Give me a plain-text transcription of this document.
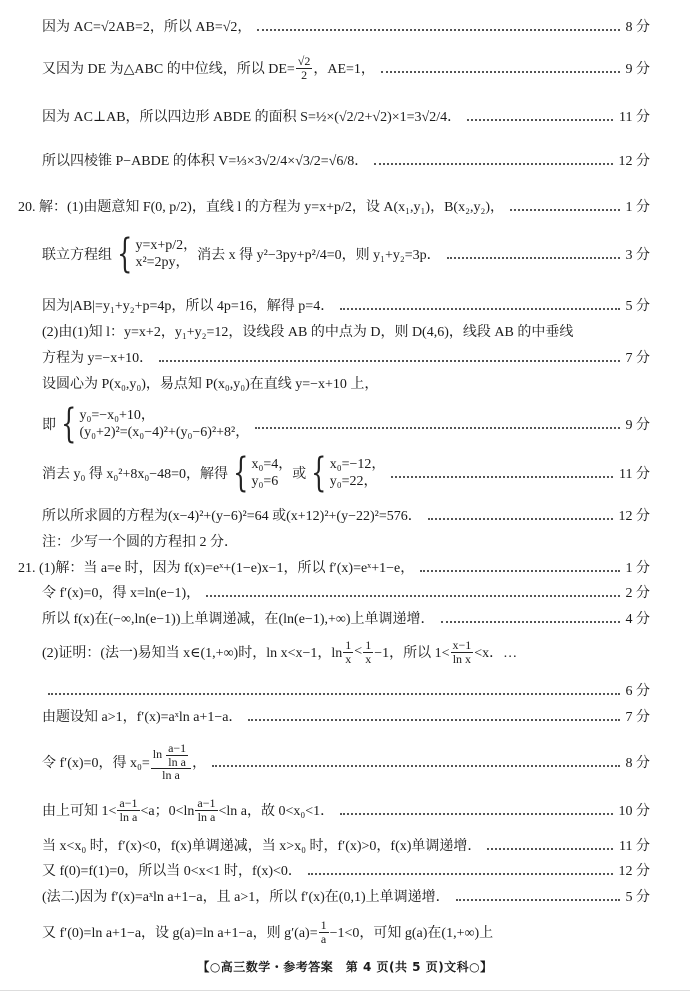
因为 AC=√2AB=2，所以 AB=√2，	8 分
又因为 DE 为△ABC 的中位线，所以 $DE= \frac{√2}{2}$ ，AE=1，	9 分
因为 AC⊥AB，所以四边形 ABDE 的面积 S=½×(√2/2+√2)×1=3√2/4．	11 分
所以四棱锥 P−ABDE 的体积 V=⅓×3√2/4×√3/2=√6/8．	12 分
20. 解：(1)由题意知 F(0, p/2)，直线 l 的方程为 y=x+p/2，设 A(x₁,y₁)，B(x₂,y₂)，	1 分
联立方程组 { y=x+p/2，
x²=2py， 消去 x 得 y²−3py+p²/4=0，则 y₁+y₂=3p．	3 分
因为|AB|=y₁+y₂+p=4p，所以 4p=16，解得 p=4．	5 分
(2)由(1)知 l：y=x+2，y₁+y₂=12，设线段 AB 的中点为 D，则 D(4,6)，线段 AB 的中垂线
方程为 y=−x+10．	7 分
设圆心为 P(x₀,y₀)，易点知 P(x₀,y₀)在直线 y=−x+10 上，
即 { y₀=−x₀+10，
(y₀+2)²=(x₀−4)²+(y₀−6)²+8²，	9 分
消去 y₀ 得 x₀²+8x₀−48=0，解得 { x₀=4，
y₀=6	或 { x₀=−12，
y₀=22，	11 分
所以所求圆的方程为(x−4)²+(y−6)²=64 或(x+12)²+(y−22)²=576．	12 分
注：少写一个圆的方程扣 2 分．
21. (1)解：当 a=e 时，因为 f(x)=eˣ+(1−e)x−1，所以 f′(x)=eˣ+1−e，	1 分
令 f′(x)=0，得 x=ln(e−1)，	2 分
所以 f(x)在(−∞,ln(e−1))上单调递减，在(ln(e−1),+∞)上单调递增．	4 分
(2)证明：(法一)易知当 x∈(1,+∞)时，ln x<x−1，$\ln \frac{1}{x} < \frac{1}{x} -1$，所以 $1< \frac{x-1}{\text{ln x}} <x$．…
6 分
由题设知 a>1，f′(x)=aˣln a+1−a．	7 分
令 f′(x)=0，得 $x_0= \frac{\ln \frac{a-1}{\text{ln a}}}{\text{ln a}}$ ，	8 分
由上可知 $1< \frac{a-1}{\text{ln a}} <a$；$0<\ln \frac{a-1}{\text{ln a}} <\ln$ a，故 0<x₀<1．	10 分
当 x<x₀ 时，f′(x)<0，f(x)单调递减，当 x>x₀ 时，f′(x)>0，f(x)单调递增．	11 分
又 f(0)=f(1)=0，所以当 0<x<1 时，f(x)<0．	12 分
(法二)因为 f′(x)=aˣln a+1−a，且 a>1，所以 f′(x)在(0,1)上单调递增．	5 分
又 f′(0)=ln a+1−a，设 g(a)=ln a+1−a，则 $g'(a)= \frac{1}{a} -1<0$，可知 g(a)在(1,+∞)上
【○高三数学・参考答案　第 4 页(共 5 页)文科○】
